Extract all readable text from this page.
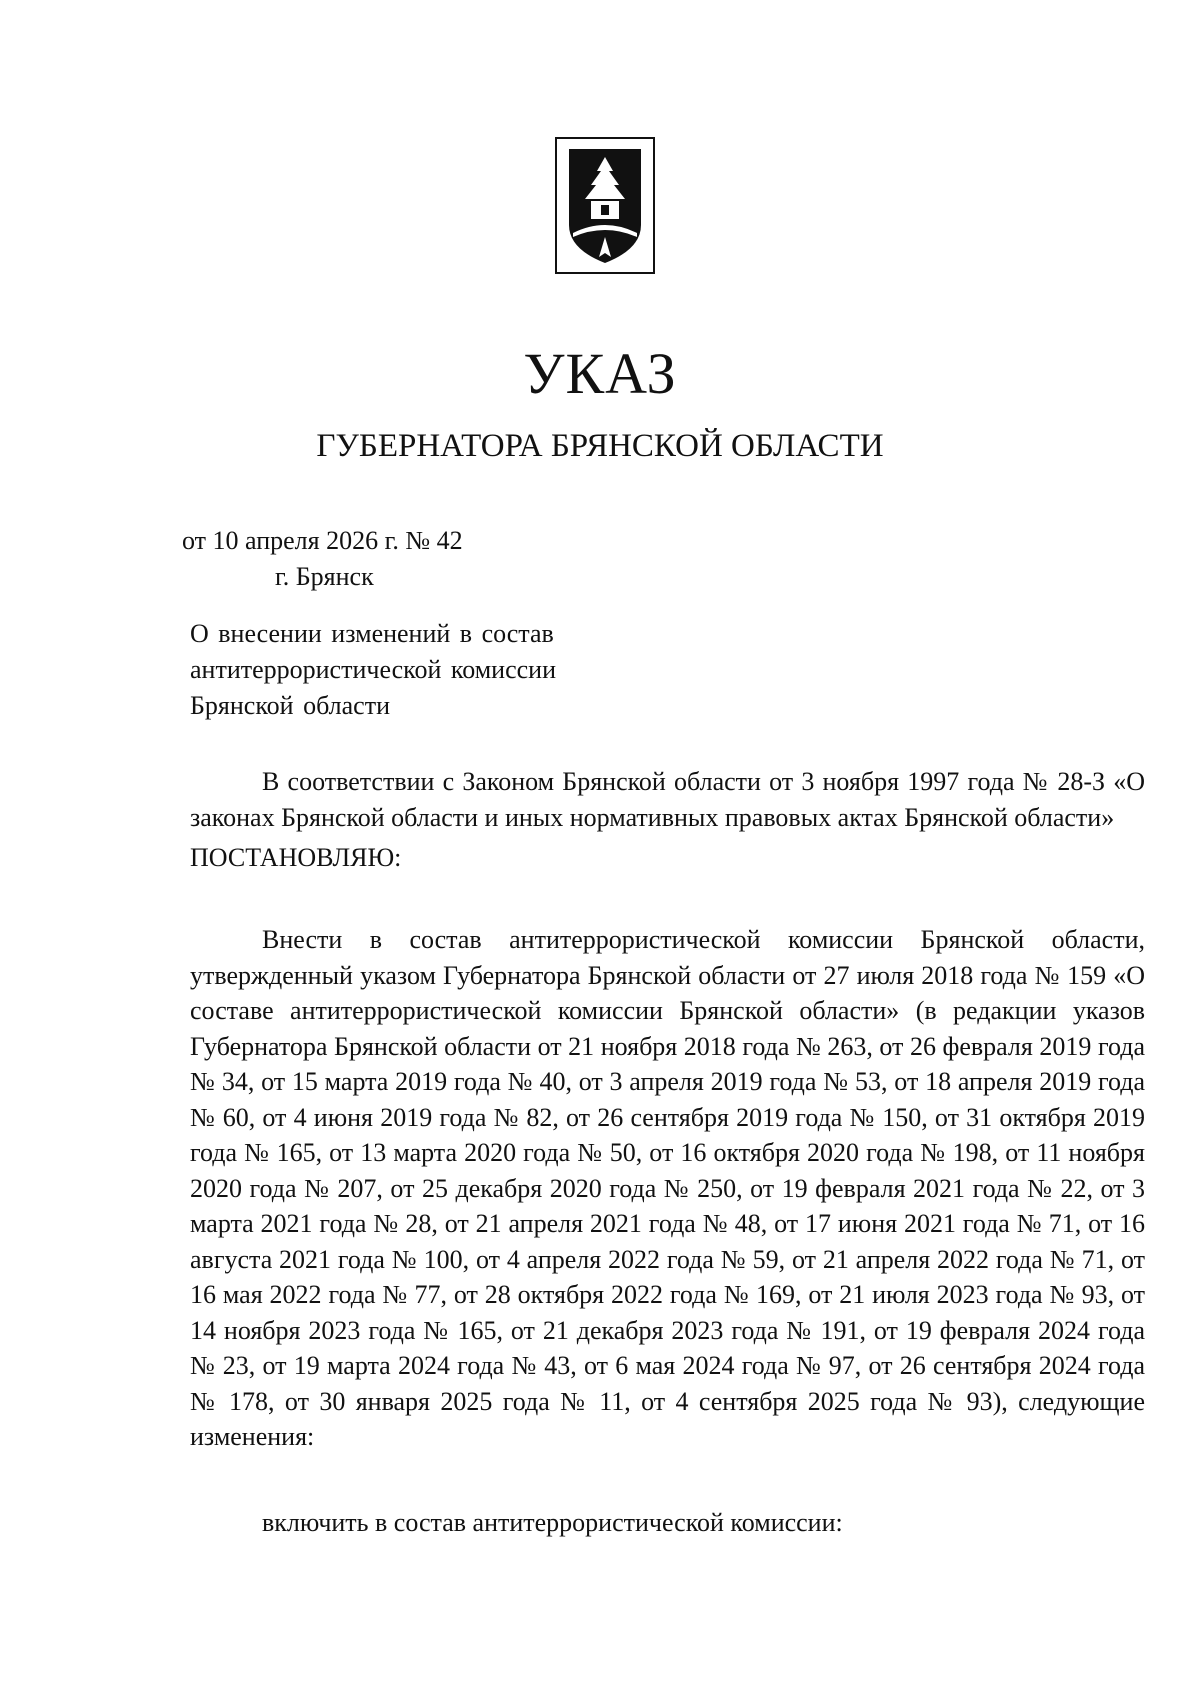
УКАЗ
ГУБЕРНАТОРА БРЯНСКОЙ ОБЛАСТИ
от 10 апреля 2026 г. № 42
г. Брянск
О внесении изменений в состав
антитеррористической комиссии
Брянской области
В соответствии с Законом Брянской области от 3 ноября 1997 года № 28-З «О законах Брянской области и иных нормативных правовых актах Брянской области»
ПОСТАНОВЛЯЮ:
Внести в состав антитеррористической комиссии Брянской области, утвержденный указом Губернатора Брянской области от 27 июля 2018 года № 159 «О составе антитеррористической комиссии Брянской области» (в редакции указов Губернатора Брянской области от 21 ноября 2018 года № 263, от 26 февраля 2019 года № 34, от 15 марта 2019 года № 40, от 3 апреля 2019 года № 53, от 18 апреля 2019 года № 60, от 4 июня 2019 года № 82, от 26 сентября 2019 года № 150, от 31 октября 2019 года № 165, от 13 марта 2020 года № 50, от 16 октября 2020 года № 198, от 11 ноября 2020 года № 207, от 25 декабря 2020 года № 250, от 19 февраля 2021 года № 22, от 3 марта 2021 года № 28, от 21 апреля 2021 года № 48, от 17 июня 2021 года № 71, от 16 августа 2021 года № 100, от 4 апреля 2022 года № 59, от 21 апреля 2022 года № 71, от 16 мая 2022 года № 77, от 28 октября 2022 года № 169, от 21 июля 2023 года № 93, от 14 ноября 2023 года № 165, от 21 декабря 2023 года № 191, от 19 февраля 2024 года № 23, от 19 марта 2024 года № 43, от 6 мая 2024 года № 97, от 26 сентября 2024 года № 178, от 30 января 2025 года № 11, от 4 сентября 2025 года № 93), следующие изменения:
включить в состав антитеррористической комиссии:
